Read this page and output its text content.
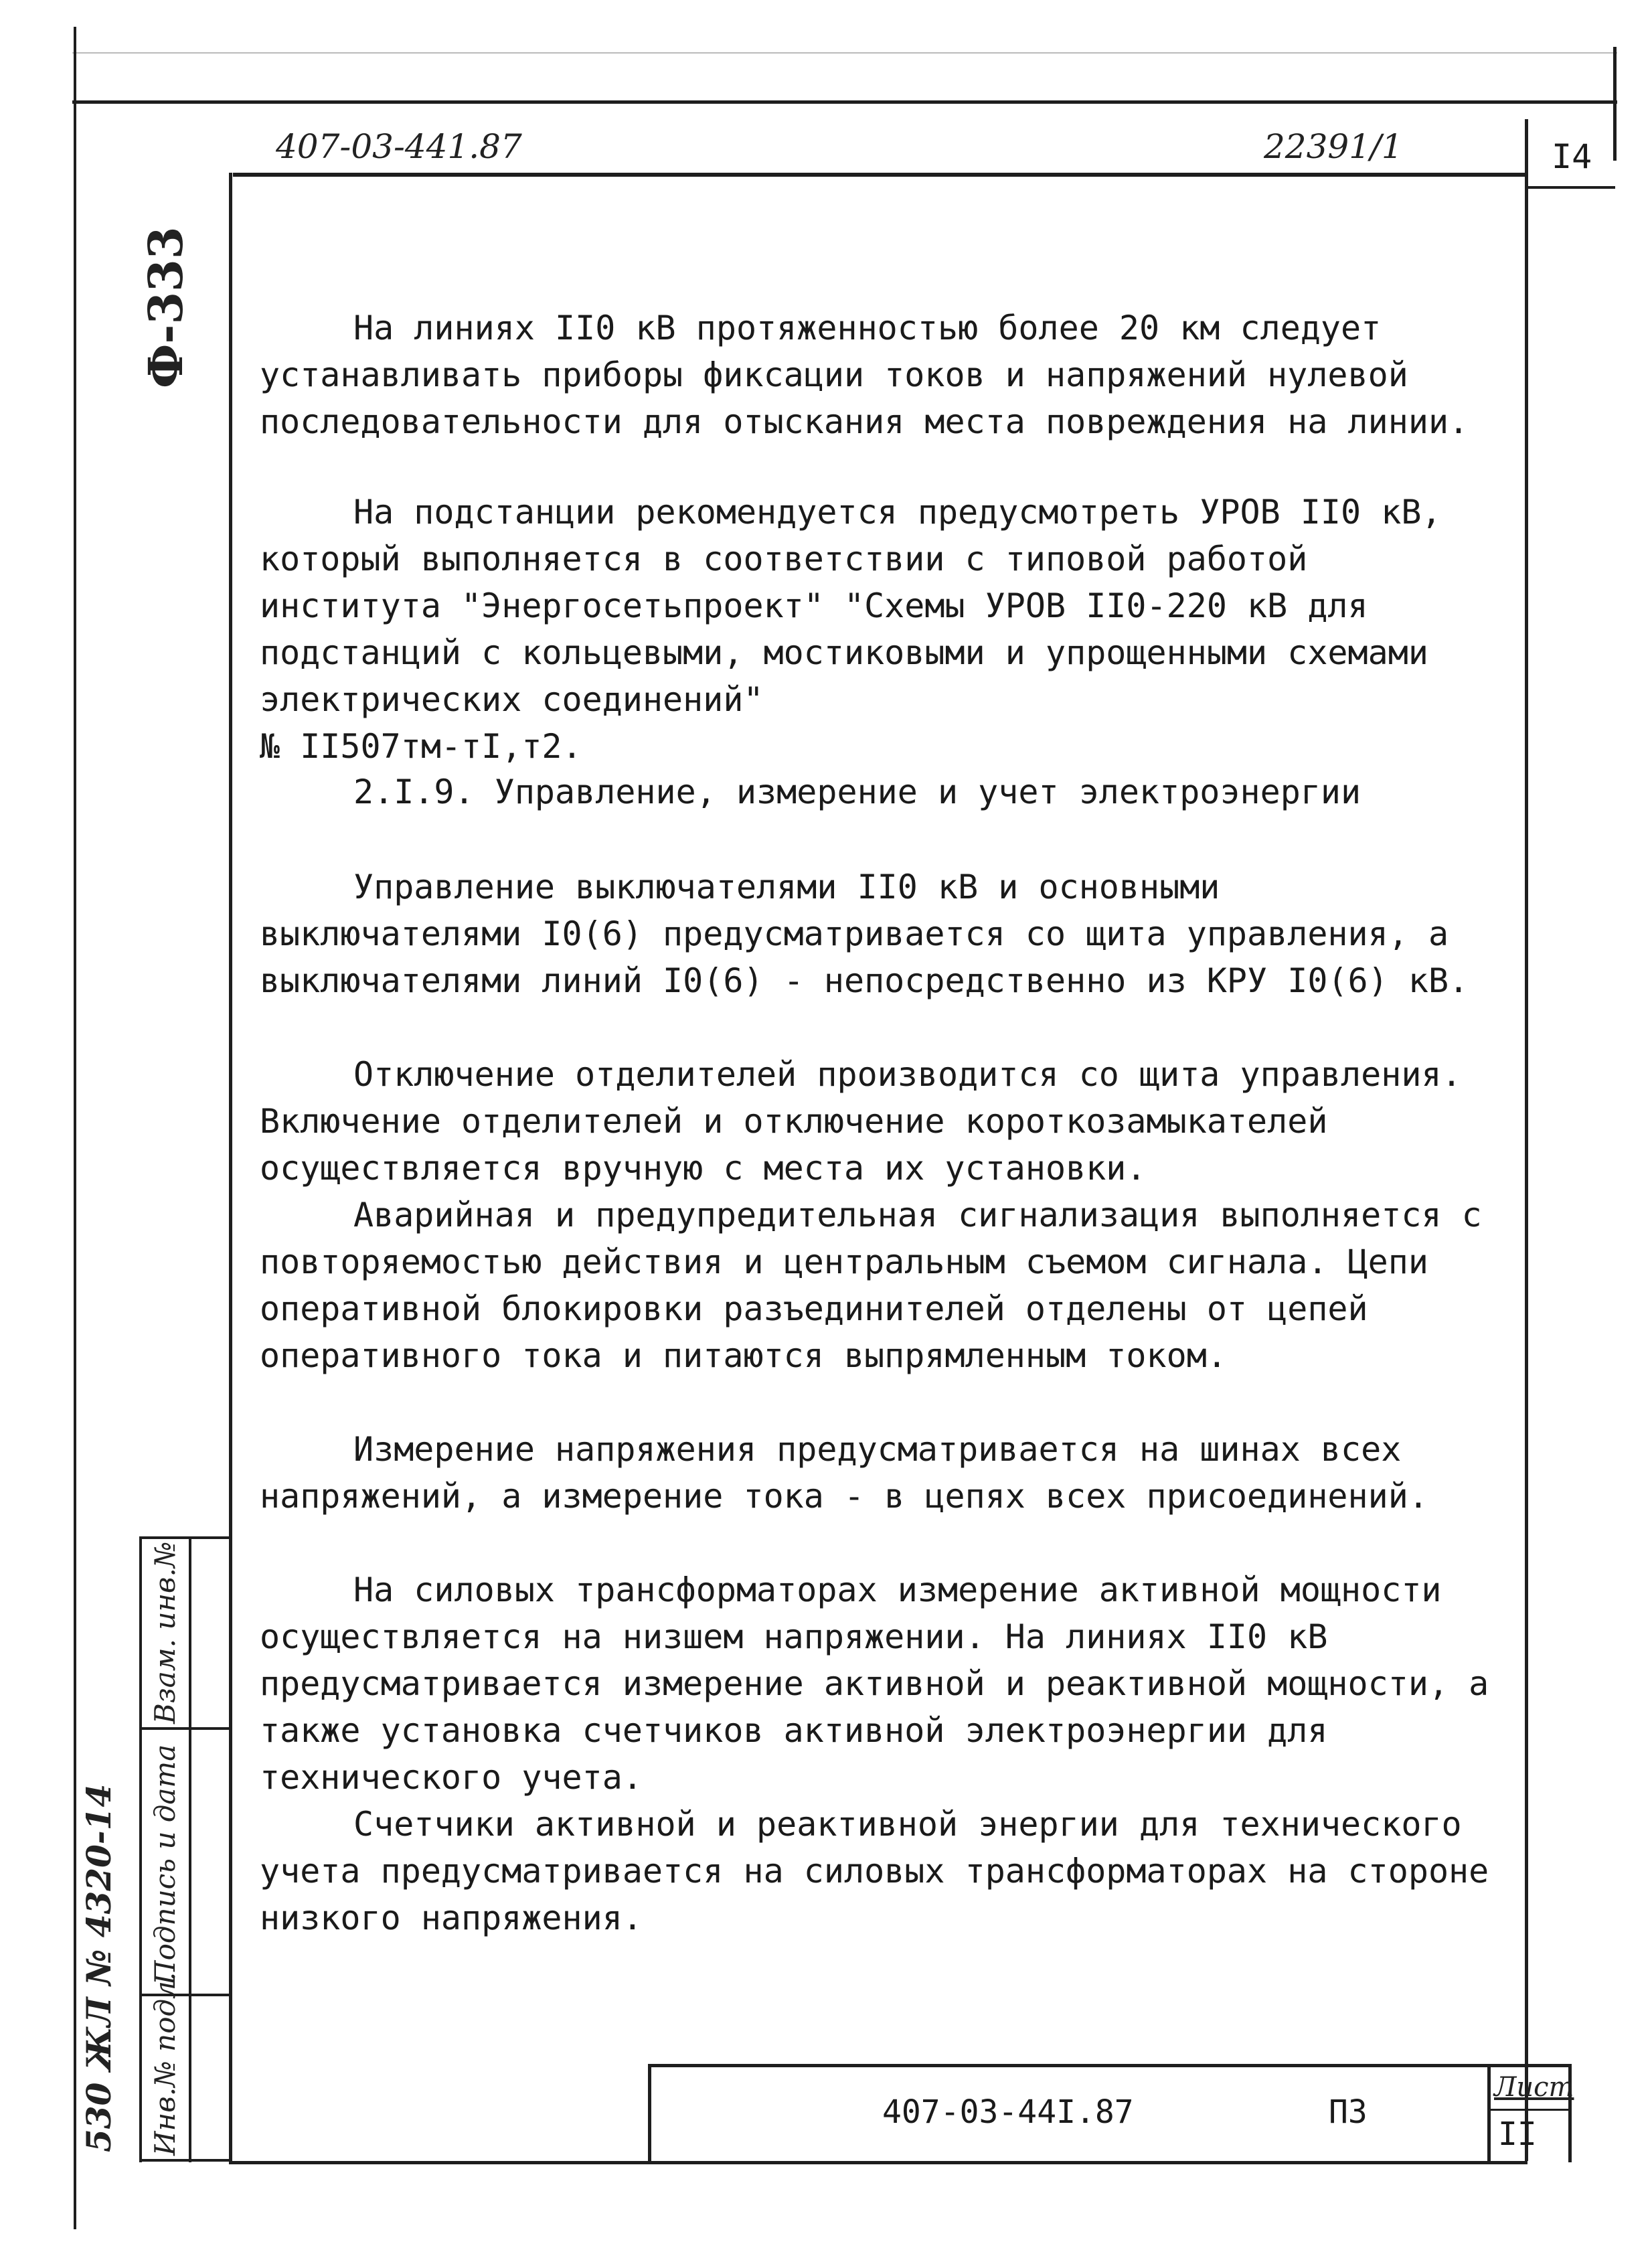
407-03-441.87	22391/1	I4
Ф-333
Взам. инв.№
Подпись и дата
Инв.№ подл.
530 ЖЛ № 4320-14

На линиях II0 кВ протяженностью более 20 км следует устанавливать приборы фиксации токов и напряжений нулевой последовательности для отыскания места повреждения на линии.

На подстанции рекомендуется предусмотреть УРОВ II0 кВ, который выполняется в соответствии с типовой работой института "Энергосетьпроект" "Схемы УРОВ II0-220 кВ для подстанций с кольцевыми, мостиковыми и упрощенными схемами электрических соединений"

№ II507тм-тI,т2.

2.I.9. Управление, измерение и учет электроэнергии

Управление выключателями II0 кВ и основными выключателями I0(6) предусматривается со щита управления, а выключателями линий I0(6) - непосредственно из КРУ I0(6) кВ.

Отключение отделителей производится со щита управления. Включение отделителей и отключение короткозамыкателей осуществляется вручную с места их установки.

Аварийная и предупредительная сигнализация выполняется с повторяемостью действия и центральным съемом сигнала. Цепи оперативной блокировки разъединителей отделены от цепей оперативного тока и питаются выпрямленным током.

Измерение напряжения предусматривается на шинах всех напряжений, а измерение тока - в цепях всех присоединений.

На силовых трансформаторах измерение активной мощности осуществляется на низшем напряжении. На линиях II0 кВ предусматривается измерение активной и реактивной мощности, а также установка счетчиков активной электроэнергии для технического учета.

Счетчики активной и реактивной энергии для технического учета предусматривается на силовых трансформаторах на стороне низкого напряжения.

407-03-44I.87	ПЗ
Лист
II
